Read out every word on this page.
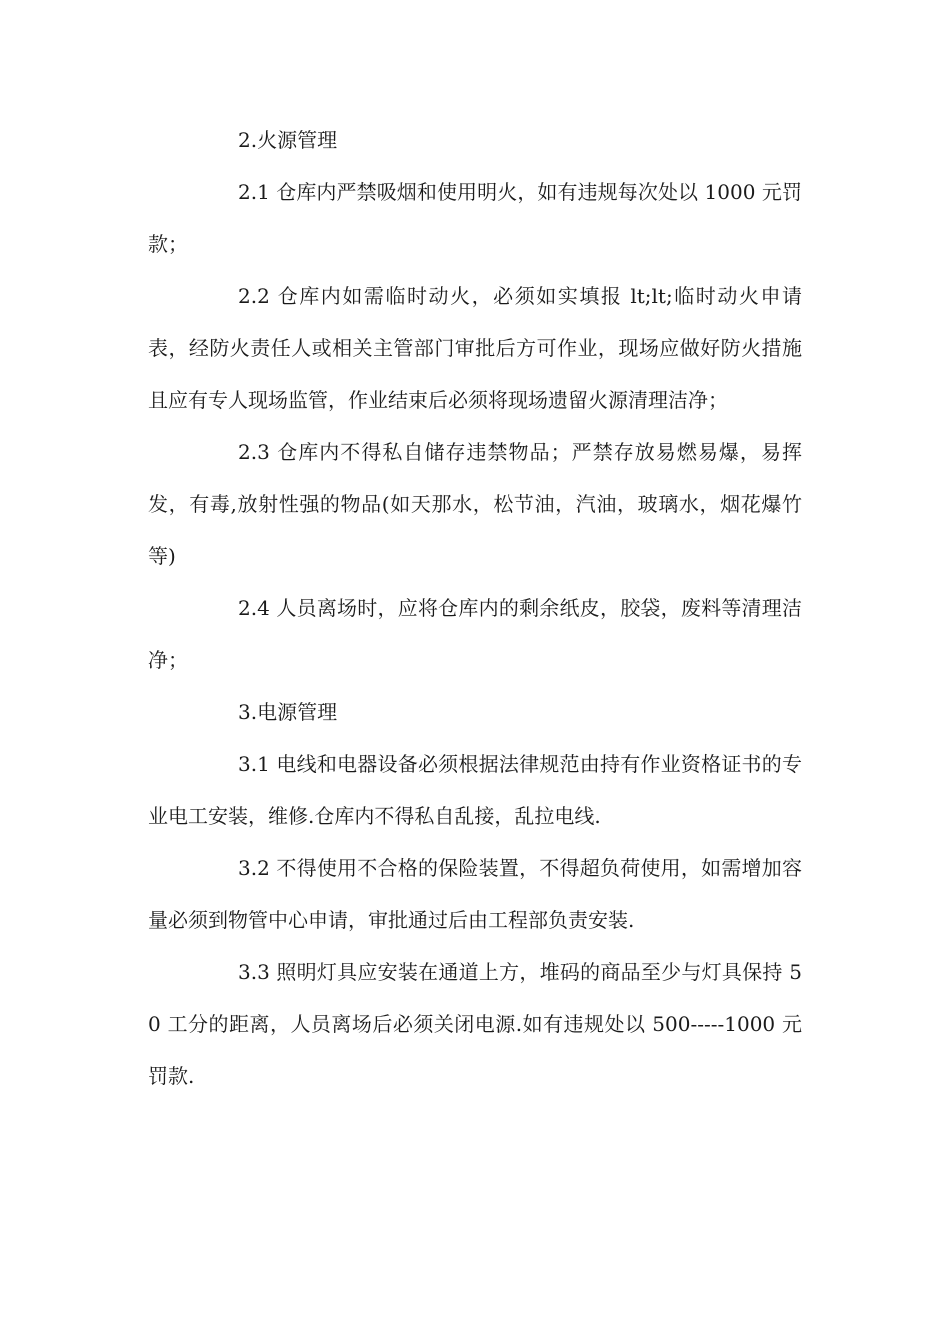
2.火源管理

2.1 仓库内严禁吸烟和使用明火，如有违规每次处以 1000 元罚款；

2.2 仓库内如需临时动火，必须如实填报 lt;lt;临时动火申请表，经防火责任人或相关主管部门审批后方可作业，现场应做好防火措施且应有专人现场监管，作业结束后必须将现场遗留火源清理洁净；

2.3 仓库内不得私自储存违禁物品；严禁存放易燃易爆，易挥发，有毒,放射性强的物品(如天那水，松节油，汽油，玻璃水，烟花爆竹等)

2.4 人员离场时，应将仓库内的剩余纸皮，胶袋，废料等清理洁净；

3.电源管理

3.1 电线和电器设备必须根据法律规范由持有作业资格证书的专业电工安装，维修.仓库内不得私自乱接，乱拉电线.

3.2 不得使用不合格的保险装置，不得超负荷使用，如需增加容量必须到物管中心申请，审批通过后由工程部负责安装.

3.3 照明灯具应安装在通道上方，堆码的商品至少与灯具保持 50 工分的距离，人员离场后必须关闭电源.如有违规处以 500-----1000 元罚款.
